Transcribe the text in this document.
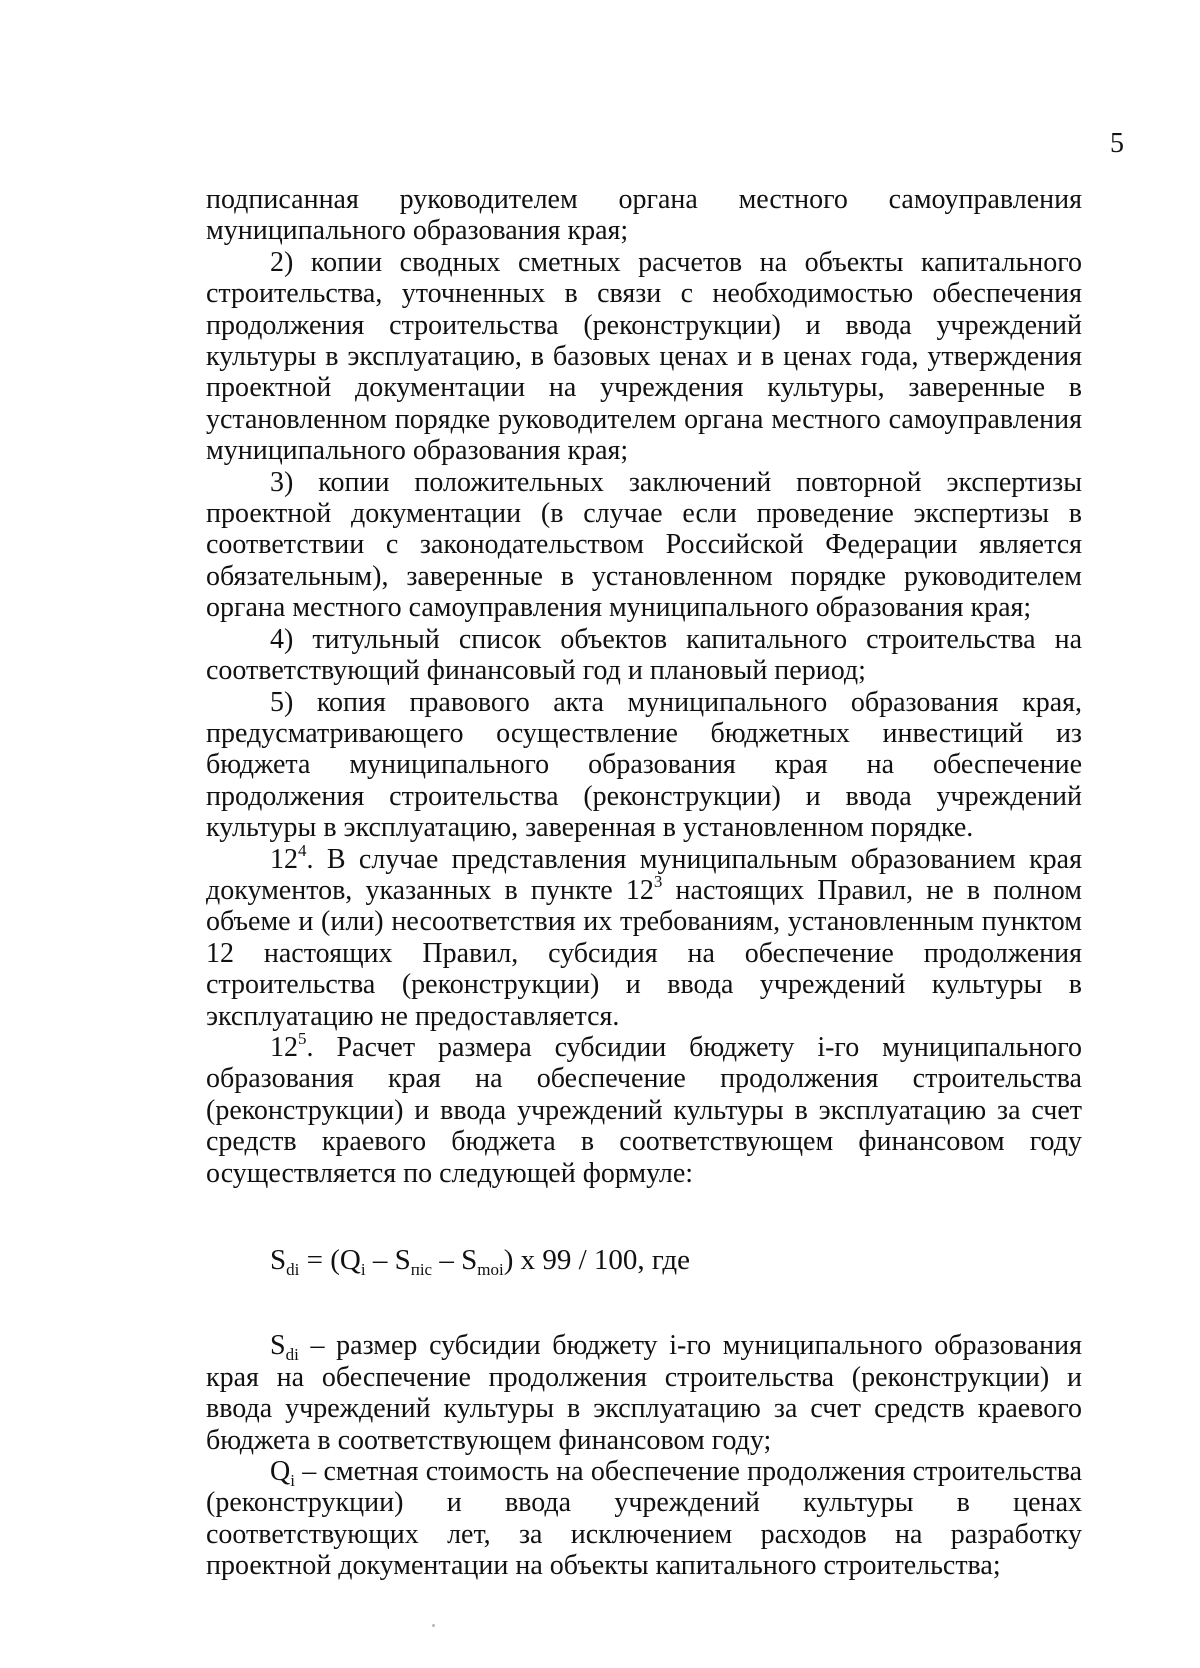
5

подписанная руководителем органа местного самоуправления муниципального образования края;

2) копии сводных сметных расчетов на объекты капитального строительства, уточненных в связи с необходимостью обеспечения продолжения строительства (реконструкции) и ввода учреждений культуры в эксплуатацию, в базовых ценах и в ценах года, утверждения проектной документации на учреждения культуры, заверенные в установленном порядке руководителем органа местного самоуправления муниципального образования края;

3) копии положительных заключений повторной экспертизы проектной документации (в случае если проведение экспертизы в соответствии с законодательством Российской Федерации является обязательным), заверенные в установленном порядке руководителем органа местного самоуправления муниципального образования края;

4) титульный список объектов капитального строительства на соответствующий финансовый год и плановый период;

5) копия правового акта муниципального образования края, предусматривающего осуществление бюджетных инвестиций из бюджета муниципального образования края на обеспечение продолжения строительства (реконструкции) и ввода учреждений культуры в эксплуатацию, заверенная в установленном порядке.

$12^4$. В случае представления муниципальным образованием края документов, указанных в пункте $12^3$ настоящих Правил, не в полном объеме и (или) несоответствия их требованиям, установленным пунктом 12 настоящих Правил, субсидия на обеспечение продолжения строительства (реконструкции) и ввода учреждений культуры в эксплуатацию не предоставляется.

$12^5$. Расчет размера субсидии бюджету i-го муниципального образования края на обеспечение продолжения строительства (реконструкции) и ввода учреждений культуры в эксплуатацию за счет средств краевого бюджета в соответствующем финансовом году осуществляется по следующей формуле:

$S_{di} = (Q_i - S_{пic} - S_{moi})$ x 99 / 100, где

$S_{di}$ – размер субсидии бюджету i-го муниципального образования края на обеспечение продолжения строительства (реконструкции) и ввода учреждений культуры в эксплуатацию за счет средств краевого бюджета в соответствующем финансовом году;

$Q_i$ – сметная стоимость на обеспечение продолжения строительства (реконструкции) и ввода учреждений культуры в ценах соответствующих лет, за исключением расходов на разработку проектной документации на объекты капитального строительства;
